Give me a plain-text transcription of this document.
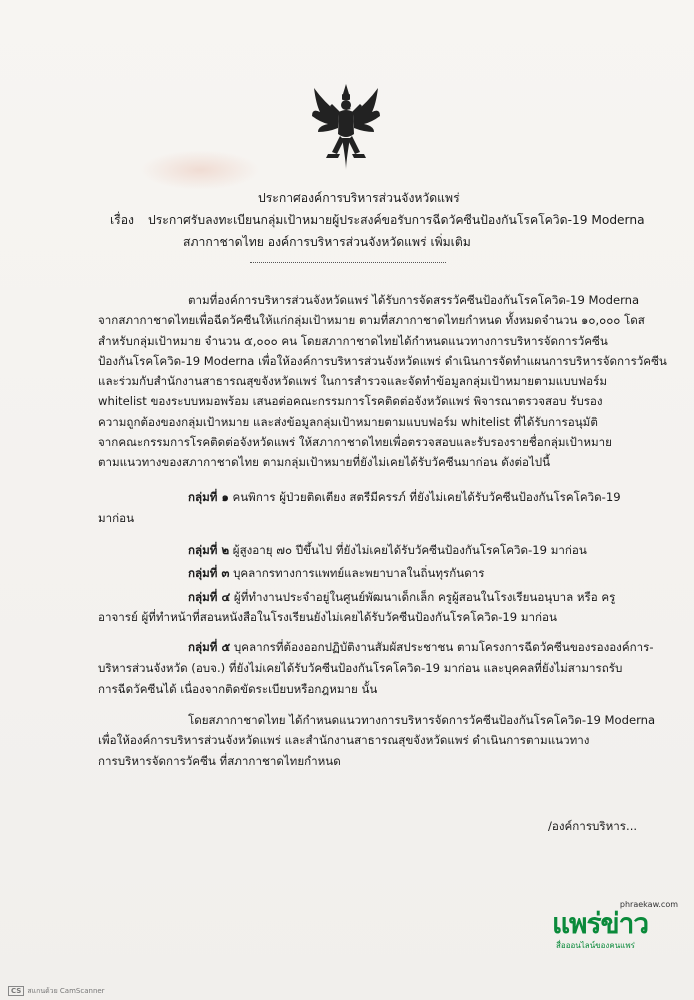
ประกาศองค์การบริหารส่วนจังหวัดแพร่
เรื่อง ประกาศรับลงทะเบียนกลุ่มเป้าหมายผู้ประสงค์ขอรับการฉีดวัคซีนป้องกันโรคโควิด-19 Moderna
สภากาชาดไทย องค์การบริหารส่วนจังหวัดแพร่ เพิ่มเติม
ตามที่องค์การบริหารส่วนจังหวัดแพร่ ได้รับการจัดสรรวัคซีนป้องกันโรคโควิด-19 Moderna
จากสภากาชาดไทยเพื่อฉีดวัคซีนให้แก่กลุ่มเป้าหมาย ตามที่สภากาชาดไทยกำหนด ทั้งหมดจำนวน ๑๐,๐๐๐ โดส
สำหรับกลุ่มเป้าหมาย จำนวน ๕,๐๐๐ คน โดยสภากาชาดไทยได้กำหนดแนวทางการบริหารจัดการวัคซีน
ป้องกันโรคโควิด-19 Moderna เพื่อให้องค์การบริหารส่วนจังหวัดแพร่ ดำเนินการจัดทำแผนการบริหารจัดการวัคซีน
และร่วมกับสำนักงานสาธารณสุขจังหวัดแพร่ ในการสำรวจและจัดทำข้อมูลกลุ่มเป้าหมายตามแบบฟอร์ม
whitelist ของระบบหมอพร้อม เสนอต่อคณะกรรมการโรคติดต่อจังหวัดแพร่ พิจารณาตรวจสอบ รับรอง
ความถูกต้องของกลุ่มเป้าหมาย และส่งข้อมูลกลุ่มเป้าหมายตามแบบฟอร์ม whitelist ที่ได้รับการอนุมัติ
จากคณะกรรมการโรคติดต่อจังหวัดแพร่ ให้สภากาชาดไทยเพื่อตรวจสอบและรับรองรายชื่อกลุ่มเป้าหมาย
ตามแนวทางของสภากาชาดไทย ตามกลุ่มเป้าหมายที่ยังไม่เคยได้รับวัคซีนมาก่อน ดังต่อไปนี้
กลุ่มที่ ๑ คนพิการ ผู้ป่วยติดเตียง สตรีมีครรภ์ ที่ยังไม่เคยได้รับวัคซีนป้องกันโรคโควิด-19
มาก่อน
กลุ่มที่ ๒ ผู้สูงอายุ ๗๐ ปีขึ้นไป ที่ยังไม่เคยได้รับวัคซีนป้องกันโรคโควิด-19 มาก่อน
กลุ่มที่ ๓ บุคลากรทางการแพทย์และพยาบาลในถิ่นทุรกันดาร
กลุ่มที่ ๔ ผู้ที่ทำงานประจำอยู่ในศูนย์พัฒนาเด็กเล็ก ครูผู้สอนในโรงเรียนอนุบาล หรือ ครู
อาจารย์ ผู้ที่ทำหน้าที่สอนหนังสือในโรงเรียนยังไม่เคยได้รับวัคซีนป้องกันโรคโควิด-19 มาก่อน
กลุ่มที่ ๕ บุคลากรที่ต้องออกปฏิบัติงานสัมผัสประชาชน ตามโครงการฉีดวัคซีนของรององค์การ-
บริหารส่วนจังหวัด (อบจ.) ที่ยังไม่เคยได้รับวัคซีนป้องกันโรคโควิด-19 มาก่อน และบุคคลที่ยังไม่สามารถรับ
การฉีดวัคซีนได้ เนื่องจากติดขัดระเบียบหรือกฎหมาย นั้น
โดยสภากาชาดไทย ได้กำหนดแนวทางการบริหารจัดการวัคซีนป้องกันโรคโควิด-19 Moderna
เพื่อให้องค์การบริหารส่วนจังหวัดแพร่ และสำนักงานสาธารณสุขจังหวัดแพร่ ดำเนินการตามแนวทาง
การบริหารจัดการวัคซีน ที่สภากาชาดไทยกำหนด
/องค์การบริหาร...
phraekaw.com
แพร่ข่าว
สื่อออนไลน์ของคนแพร่
CS สแกนด้วย CamScanner
